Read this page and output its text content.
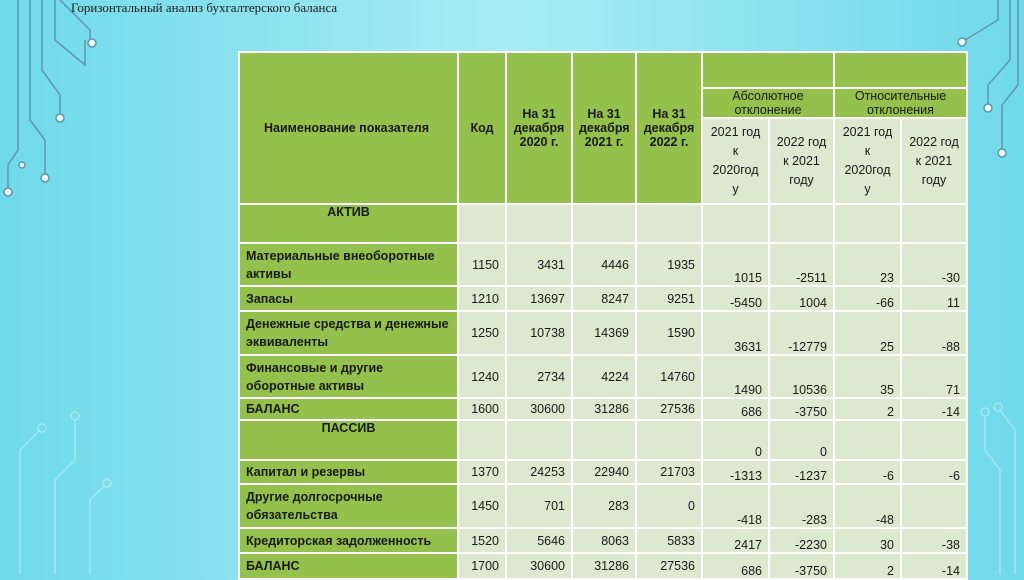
Горизонтальный анализ бухгалтерского баланса
Наименование показателя	Код	На 31 декабря 2020 г.	На 31 декабря 2021 г.	На 31 декабря 2022 г.				
					Абсолютное отклонение		Относительные отклонения	
					2021 год к 2020год у	2022 год к 2021 году	2021 год к 2020год у	2022 год к 2021 году
АКТИВ								
Материальные внеоборотные активы	1150	3431	4446	1935	1015	-2511	23	-30
Запасы	1210	13697	8247	9251	-5450	1004	-66	11
Денежные средства и денежные эквиваленты	1250	10738	14369	1590	3631	-12779	25	-88
Финансовые и другие оборотные активы	1240	2734	4224	14760	1490	10536	35	71
БАЛАНС	1600	30600	31286	27536	686	-3750	2	-14
ПАССИВ					0	0		
Капитал и резервы	1370	24253	22940	21703	-1313	-1237	-6	-6
Другие долгосрочные обязательства	1450	701	283	0	-418	-283	-48	
Кредиторская задолженность	1520	5646	8063	5833	2417	-2230	30	-38
БАЛАНС	1700	30600	31286	27536	686	-3750	2	-14
